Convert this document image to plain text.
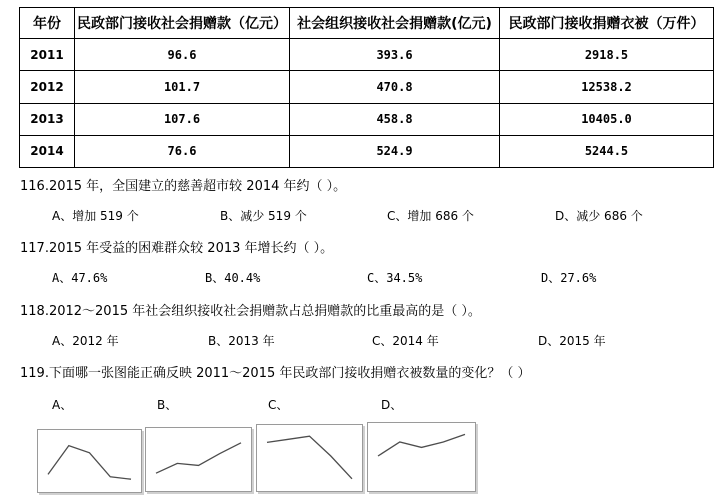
年份	民政部门接收社会捐赠款（亿元）	社会组织接收社会捐赠款(亿元)	民政部门接收捐赠衣被（万件）
2011	96.6	393.6	2918.5
2012	101.7	470.8	12538.2
2013	107.6	458.8	10405.0
2014	76.6	524.9	5244.5
116.2015 年，全国建立的慈善超市较 2014 年约（ ）。
A、增加 519 个	B、减少 519 个	C、增加 686 个	D、减少 686 个
117.2015 年受益的困难群众较 2013 年增长约（ ）。
A、47.6%	B、40.4%	C、34.5%	D、27.6%
118.2012～2015 年社会组织接收社会捐赠款占总捐赠款的比重最高的是（ ）。
A、2012 年	B、2013 年	C、2014 年	D、2015 年
119.下面哪一张图能正确反映 2011～2015 年民政部门接收捐赠衣被数量的变化？（ ）
A、	B、	C、	D、
